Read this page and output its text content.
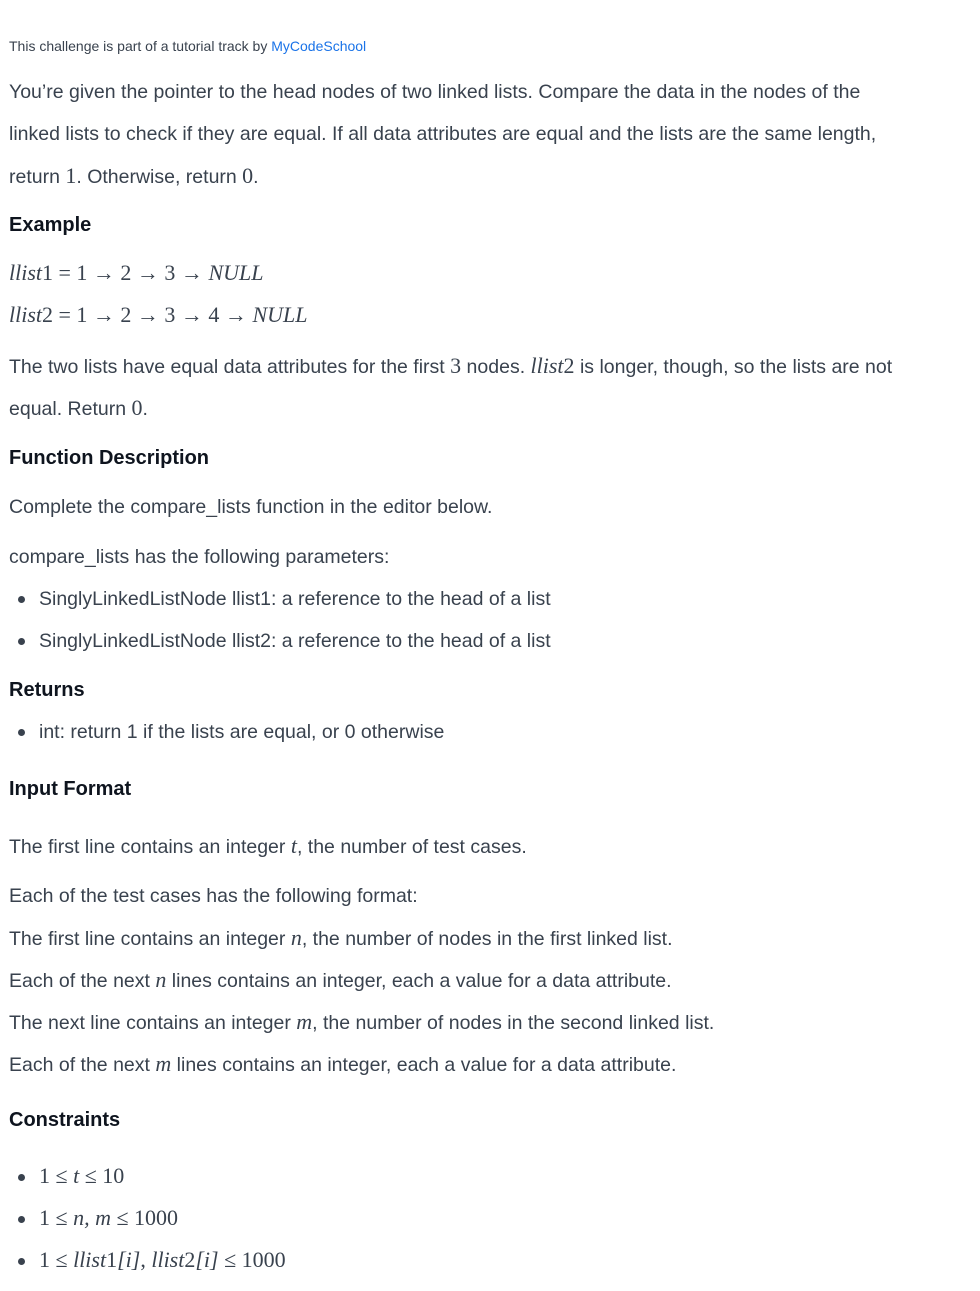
This challenge is part of a tutorial track by MyCodeSchool
You’re given the pointer to the head nodes of two linked lists. Compare the data in the nodes of the
linked lists to check if they are equal. If all data attributes are equal and the lists are the same length,
return 1. Otherwise, return 0.
Example
llist1 = 1 → 2 → 3 → NULL
llist2 = 1 → 2 → 3 → 4 → NULL
The two lists have equal data attributes for the first 3 nodes. llist2 is longer, though, so the lists are not
equal. Return 0.
Function Description
Complete the compare_lists function in the editor below.
compare_lists has the following parameters:
SinglyLinkedListNode llist1: a reference to the head of a list
SinglyLinkedListNode llist2: a reference to the head of a list
Returns
int: return 1 if the lists are equal, or 0 otherwise
Input Format
The first line contains an integer t, the number of test cases.
Each of the test cases has the following format:
The first line contains an integer n, the number of nodes in the first linked list.
Each of the next n lines contains an integer, each a value for a data attribute.
The next line contains an integer m, the number of nodes in the second linked list.
Each of the next m lines contains an integer, each a value for a data attribute.
Constraints
1 ≤ t ≤ 10
1 ≤ n, m ≤ 1000
1 ≤ llist1[i], llist2[i] ≤ 1000
